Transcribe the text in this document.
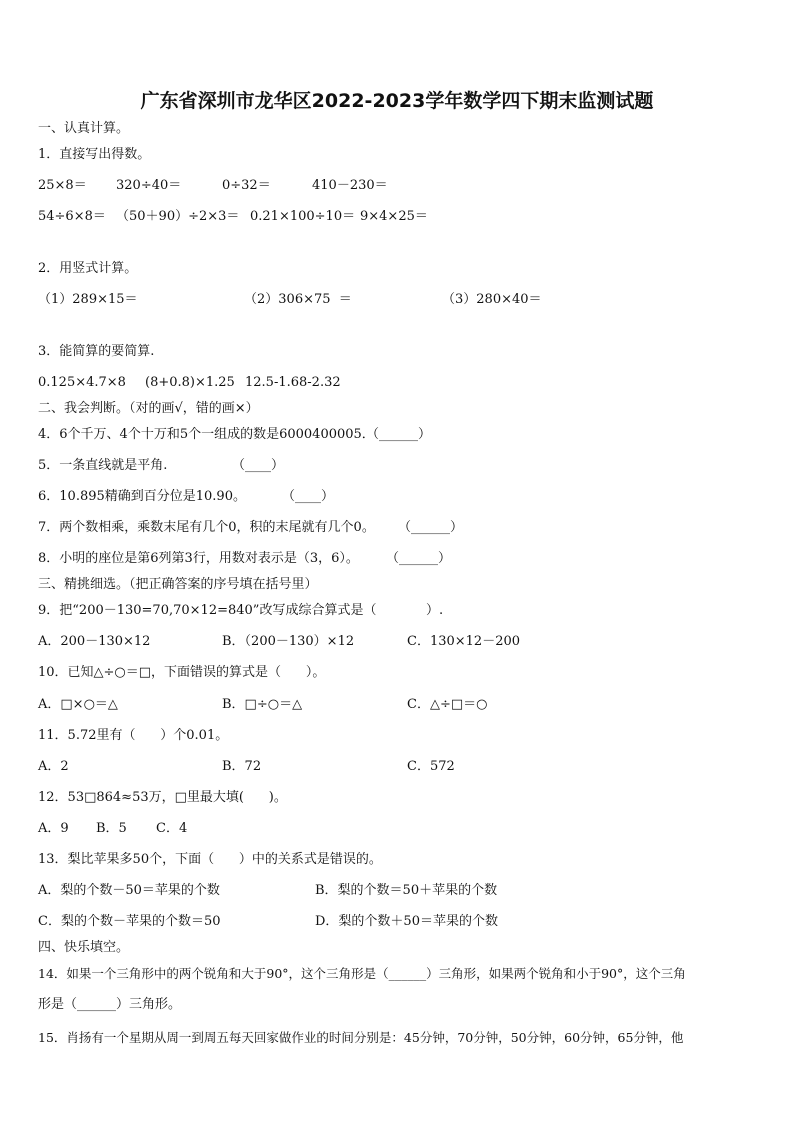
广东省深圳市龙华区2022-2023学年数学四下期末监测试题
一、认真计算。
1．直接写出得数。
25×8＝ 320÷40＝	0÷32＝	410－230＝
54÷6×8＝ （50＋90）÷2×3＝ 0.21×100÷10＝ 9×4×25＝
2．用竖式计算。
（1）289×15＝	（2）306×75  ＝	（3）280×40＝
3．能简算的要简算.
0.125×4.7×8 (8+0.8)×1.25 12.5-1.68-2.32
二、我会判断。（对的画√，错的画×）
4．6个千万、4个十万和5个一组成的数是6000400005．
（______）
5．一条直线就是平角.	（____）
6．10.895精确到百分位是10.90。	（____）
7．两个数相乘，乘数末尾有几个0，积的末尾就有几个0。 （______）
8．小明的座位是第6列第3行，用数对表示是（3，6）。 （______）
三、精挑细选。（把正确答案的序号填在括号里）
9．把“200－130=70,70×12=840”改写成综合算式是（            ）.
A．200－130×12	B．（200－130）×12	C．130×12－200
10．已知△÷○＝□，下面错误的算式是（      ）。
A．□×○＝△	B．□÷○＝△	C．△÷□＝○
11．5.72里有（      ）个0.01。
A．2	B．72	C．572
12．53□864≈53万，□里最大填(      )。
A．9 B．5 C．4
13．梨比苹果多50个，下面（      ）中的关系式是错误的。
A．梨的个数－50＝苹果的个数	B．梨的个数＝50＋苹果的个数
C．梨的个数－苹果的个数＝50	D．梨的个数＋50＝苹果的个数
四、快乐填空。
14．如果一个三角形中的两个锐角和大于90°，这个三角形是（______）三角形，如果两个锐角和小于90°，这个三角
形是（______）三角形。
15．肖扬有一个星期从周一到周五每天回家做作业的时间分别是：45分钟，70分钟，50分钟，60分钟，65分钟，他
